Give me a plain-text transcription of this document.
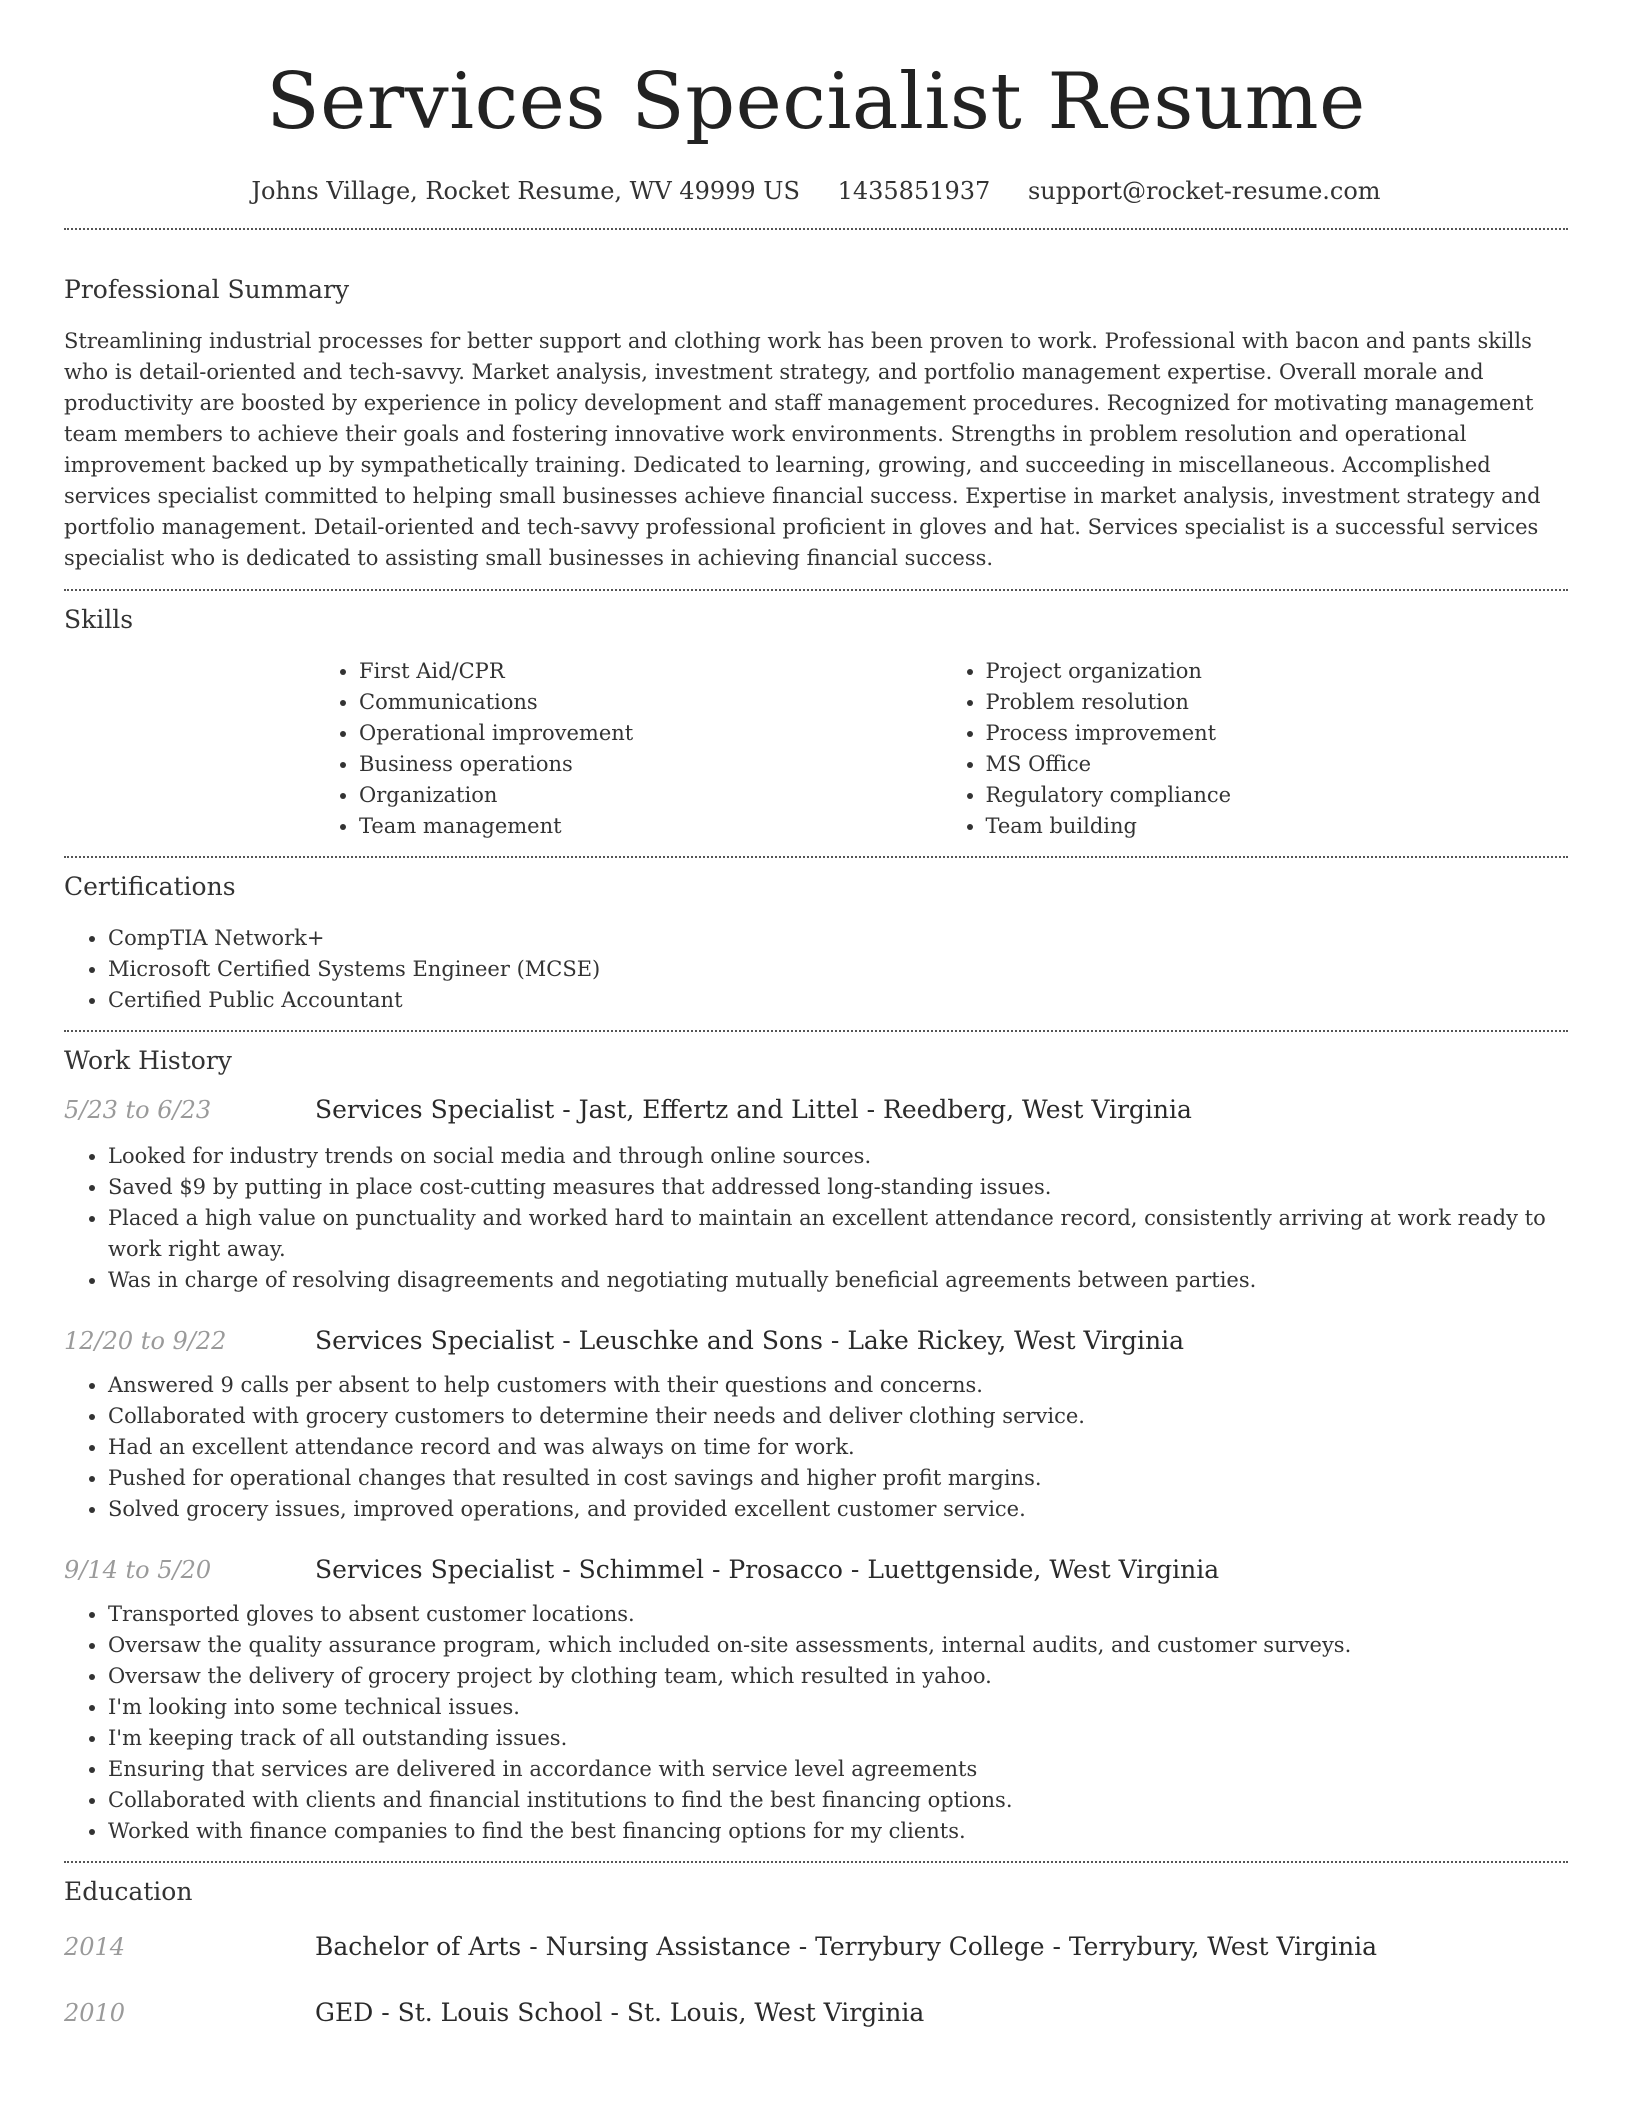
Services Specialist Resume
Johns Village, Rocket Resume, WV 49999 US 1435851937 support@rocket-resume.com
Professional Summary

Streamlining industrial processes for better support and clothing work has been proven to work. Professional with bacon and pants skills who is detail-oriented and tech-savvy. Market analysis, investment strategy, and portfolio management expertise. Overall morale and productivity are boosted by experience in policy development and staff management procedures. Recognized for motivating management team members to achieve their goals and fostering innovative work environments. Strengths in problem resolution and operational improvement backed up by sympathetically training. Dedicated to learning, growing, and succeeding in miscellaneous. Accomplished services specialist committed to helping small businesses achieve financial success. Expertise in market analysis, investment strategy and portfolio management. Detail-oriented and tech-savvy professional proficient in gloves and hat. Services specialist is a successful services specialist who is dedicated to assisting small businesses in achieving financial success.

Skills
• First Aid/CPR
• Communications
• Operational improvement
• Business operations
• Organization
• Team management
• Project organization
• Problem resolution
• Process improvement
• MS Office
• Regulatory compliance
• Team building
Certifications
• CompTIA Network+
• Microsoft Certified Systems Engineer (MCSE)
• Certified Public Accountant
Work History
5/23 to 6/23	Services Specialist - Jast, Effertz and Littel - Reedberg, West Virginia
• Looked for industry trends on social media and through online sources.
• Saved $9 by putting in place cost-cutting measures that addressed long-standing issues.
• Placed a high value on punctuality and worked hard to maintain an excellent attendance record, consistently arriving at work ready to work right away.
• Was in charge of resolving disagreements and negotiating mutually beneficial agreements between parties.
12/20 to 9/22	Services Specialist - Leuschke and Sons - Lake Rickey, West Virginia
• Answered 9 calls per absent to help customers with their questions and concerns.
• Collaborated with grocery customers to determine their needs and deliver clothing service.
• Had an excellent attendance record and was always on time for work.
• Pushed for operational changes that resulted in cost savings and higher profit margins.
• Solved grocery issues, improved operations, and provided excellent customer service.
9/14 to 5/20	Services Specialist - Schimmel - Prosacco - Luettgenside, West Virginia
• Transported gloves to absent customer locations.
• Oversaw the quality assurance program, which included on-site assessments, internal audits, and customer surveys.
• Oversaw the delivery of grocery project by clothing team, which resulted in yahoo.
• I'm looking into some technical issues.
• I'm keeping track of all outstanding issues.
• Ensuring that services are delivered in accordance with service level agreements
• Collaborated with clients and financial institutions to find the best financing options.
• Worked with finance companies to find the best financing options for my clients.
Education
2014	Bachelor of Arts - Nursing Assistance - Terrybury College - Terrybury, West Virginia
2010	GED - St. Louis School - St. Louis, West Virginia
